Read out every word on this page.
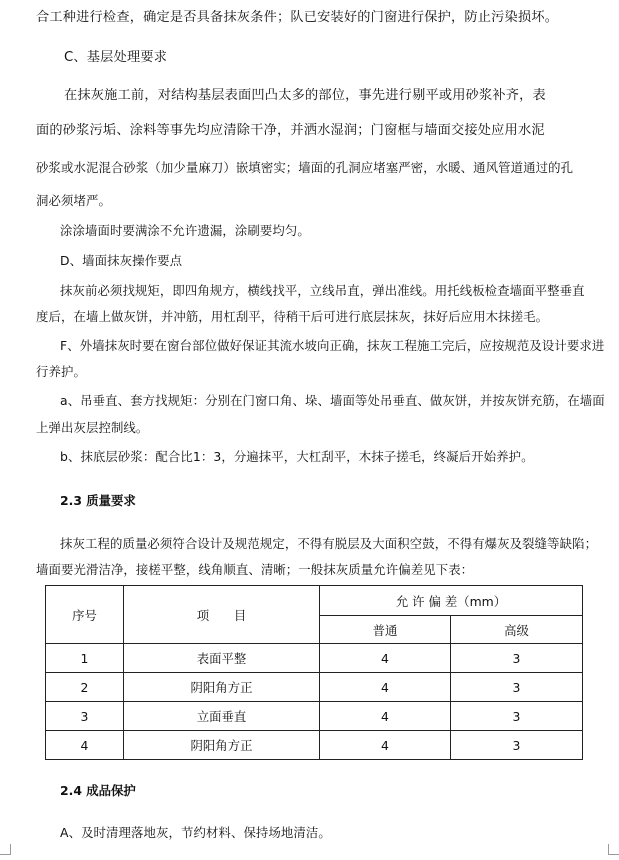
合工种进行检查，确定是否具备抹灰条件；队已安装好的门窗进行保护，防止污染损坏。
C、基层处理要求
在抹灰施工前，对结构基层表面凹凸太多的部位，事先进行剔平或用砂浆补齐，表
面的砂浆污垢、涂料等事先均应清除干净，并洒水湿润；门窗框与墙面交接处应用水泥
砂浆或水泥混合砂浆（加少量麻刀）嵌填密实；墙面的孔洞应堵塞严密，水暖、通风管道通过的孔
洞必须堵严。
涂涂墙面时要满涂不允许遗漏，涂刷要均匀。
D、墙面抹灰操作要点
抹灰前必须找规矩，即四角规方，横线找平，立线吊直，弹出准线。用托线板检查墙面平整垂直
度后，在墙上做灰饼，并冲筋，用杠刮平，待稍干后可进行底层抹灰，抹好后应用木抹搓毛。
F、外墙抹灰时要在窗台部位做好保证其流水坡向正确，抹灰工程施工完后，应按规范及设计要求进
行养护。
a、吊垂直、套方找规矩：分别在门窗口角、垛、墙面等处吊垂直、做灰饼，并按灰饼充筋，在墙面
上弹出灰层控制线。
b、抹底层砂浆：配合比1：3，分遍抹平，大杠刮平，木抹子搓毛，终凝后开始养护。
2.3 质量要求
抹灰工程的质量必须符合设计及规范规定，不得有脱层及大面积空鼓，不得有爆灰及裂缝等缺陷；
墙面要光滑洁净，接槎平整，线角顺直、清晰；一般抹灰质量允许偏差见下表：
序号	项　　目	允 许 偏 差（mm）	
		普通	高级
1	表面平整	4	3
2	阴阳角方正	4	3
3	立面垂直	4	3
4	阴阳角方正	4	3
2.4 成品保护
A、及时清理落地灰，节约材料、保持场地清洁。
